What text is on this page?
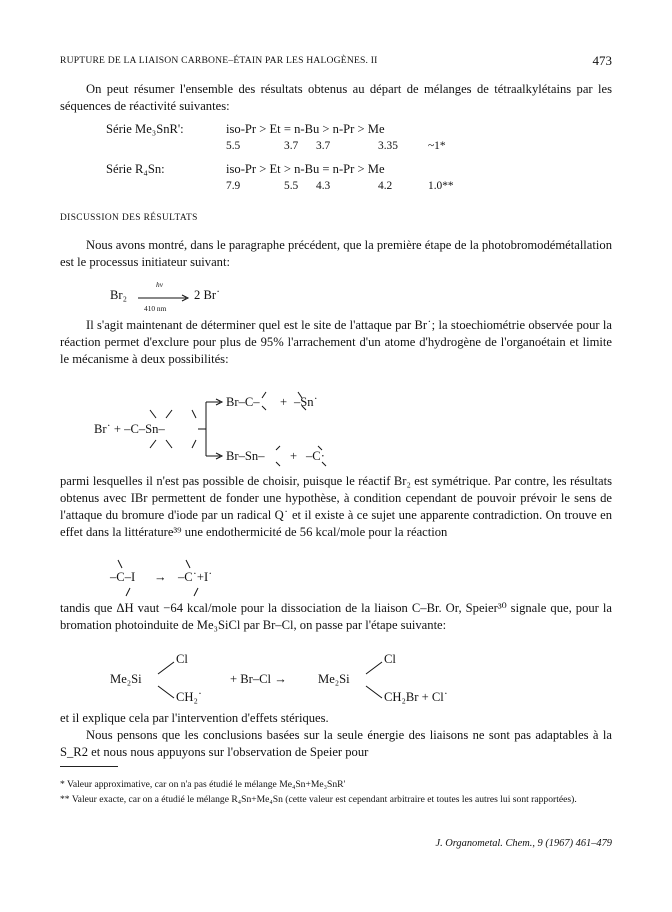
RUPTURE DE LA LIAISON CARBONE–ÉTAIN PAR LES HALOGÈNES. II	473

On peut résumer l'ensemble des résultats obtenus au départ de mélanges de tétraalkylétains par les séquences de réactivité suivantes:

Série Me₃SnR':	iso-Pr > Et = n-Bu > n-Pr > Me
5.5	3.7 3.7	3.35	~1*
Série R₄Sn:	iso-Pr > Et > n-Bu = n-Pr > Me
7.9	5.5 4.3	4.2	1.0**
DISCUSSION DES RÉSULTATS

Nous avons montré, dans le paragraphe précédent, que la première étape de la photobromodémétallation est le processus initiateur suivant:

Br₂
hν
410 nm
2 Br˙

Il s'agit maintenant de déterminer quel est le site de l'attaque par Br˙; la stoechiométrie observée pour la réaction permet d'exclure pour plus de 95% l'arrachement d'un atome d'hydrogène de l'organoétain et limite le mécanisme à deux possibilités:

Br˙ + –C–Sn–
Br–C– + –Sn˙
Br–Sn– + –C·

parmi lesquelles il n'est pas possible de choisir, puisque le réactif Br₂ est symétrique. Par contre, les résultats obtenus avec IBr permettent de fonder une hypothèse, à condition cependant de pouvoir prévoir le sens de l'attaque du bromure d'iode par un radical Q˙ et il existe à ce sujet une apparente contradiction. On trouve en effet dans la littérature³⁹ une endothermicité de 56 kcal/mole pour la réaction

–C–I → –C˙+I˙

tandis que ΔH vaut −64 kcal/mole pour la dissociation de la liaison C–Br. Or, Speier³⁰ signale que, pour la bromation photoinduite de Me₃SiCl par Br–Cl, on passe par l'étape suivante:

Cl
Me₂Si
CH₂˙
+ Br–Cl →
Cl
Me₂Si
CH₂Br + Cl˙

et il explique cela par l'intervention d'effets stériques.

Nous pensons que les conclusions basées sur la seule énergie des liaisons ne sont pas adaptables à la S_R2 et nous nous appuyons sur l'observation de Speier pour

* Valeur approximative, car on n'a pas étudié le mélange Me₄Sn+Me₃SnR'
** Valeur exacte, car on a étudié le mélange R₄Sn+Me₄Sn (cette valeur est cependant arbitraire et toutes les autres lui sont rapportées).
J. Organometal. Chem., 9 (1967) 461–479
